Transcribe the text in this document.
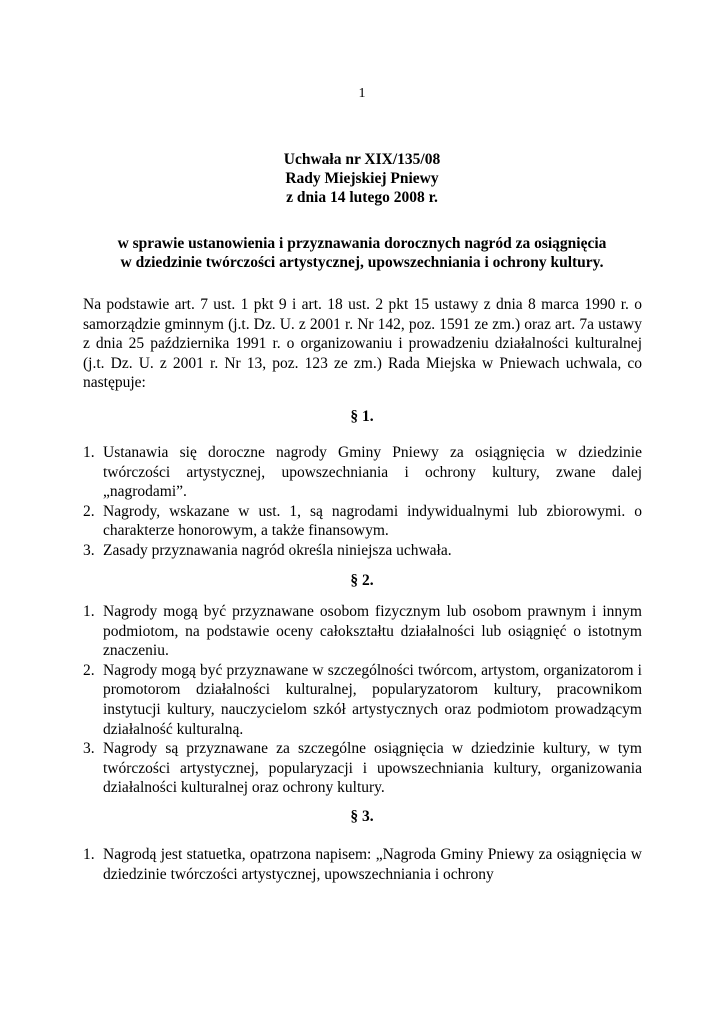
1
Uchwała nr XIX/135/08
Rady Miejskiej Pniewy
z dnia 14 lutego 2008 r.
w sprawie ustanowienia i przyznawania dorocznych nagród za osiągnięcia
w dziedzinie twórczości artystycznej, upowszechniania i ochrony kultury.
Na podstawie art. 7 ust. 1 pkt 9 i art. 18 ust. 2 pkt 15 ustawy z dnia 8 marca 1990 r. o samorządzie gminnym (j.t. Dz. U. z 2001 r. Nr 142, poz. 1591 ze zm.) oraz art. 7a ustawy z dnia 25 października 1991 r. o organizowaniu i prowadzeniu działalności kulturalnej (j.t. Dz. U. z 2001 r. Nr 13, poz. 123 ze zm.) Rada Miejska w Pniewach uchwala, co następuje:
§ 1.
1. Ustanawia się doroczne nagrody Gminy Pniewy za osiągnięcia w dziedzinie twórczości artystycznej, upowszechniania i ochrony kultury, zwane dalej „nagrodami”.
2. Nagrody, wskazane w ust. 1, są nagrodami indywidualnymi lub zbiorowymi. o charakterze honorowym, a także finansowym.
3. Zasady przyznawania nagród określa niniejsza uchwała.
§ 2.
1. Nagrody mogą być przyznawane osobom fizycznym lub osobom prawnym i innym podmiotom, na podstawie oceny całokształtu działalności lub osiągnięć o istotnym znaczeniu.
2. Nagrody mogą być przyznawane w szczególności twórcom, artystom, organizatorom i promotorom działalności kulturalnej, popularyzatorom kultury, pracownikom instytucji kultury, nauczycielom szkół artystycznych oraz podmiotom prowadzącym działalność kulturalną.
3. Nagrody są przyznawane za szczególne osiągnięcia w dziedzinie kultury, w tym twórczości artystycznej, popularyzacji i upowszechniania kultury, organizowania działalności kulturalnej oraz ochrony kultury.
§ 3.
1. Nagrodą jest statuetka, opatrzona napisem: „Nagroda Gminy Pniewy za osiągnięcia w dziedzinie twórczości artystycznej, upowszechniania i ochrony
